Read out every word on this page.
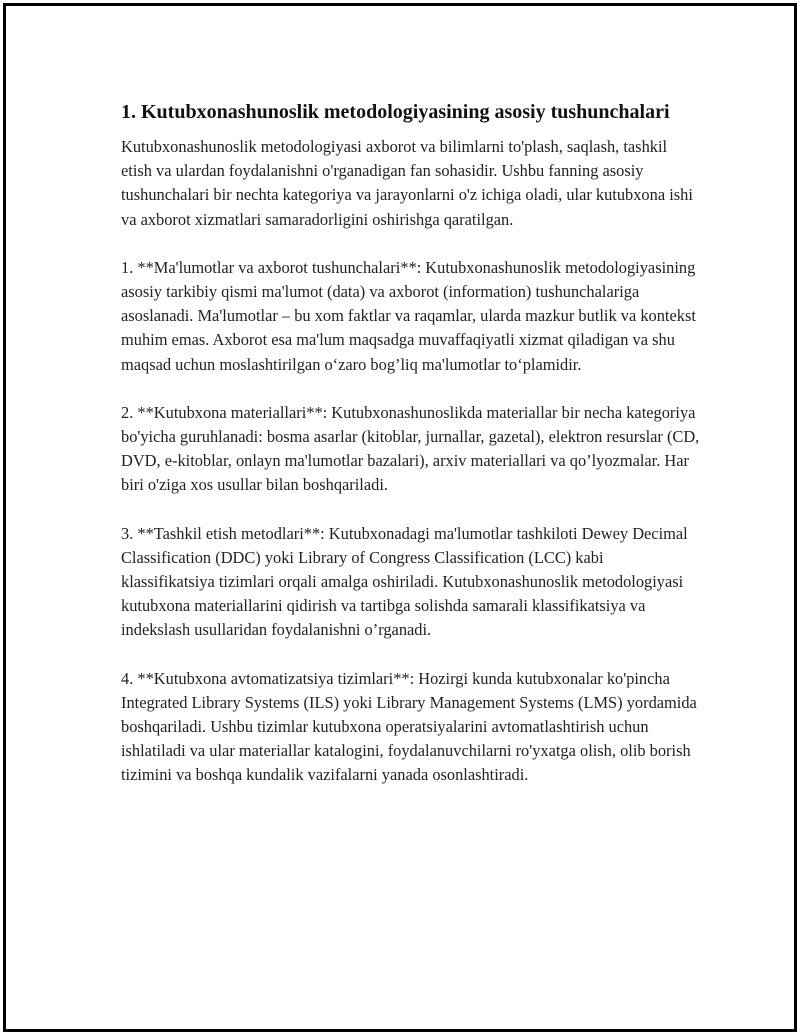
1. Kutubxonashunoslik metodologiyasining asosiy tushunchalari

Kutubxonashunoslik metodologiyasi axborot va bilimlarni to'plash, saqlash, tashkil etish va ulardan foydalanishni o'rganadigan fan sohasidir. Ushbu fanning asosiy tushunchalari bir nechta kategoriya va jarayonlarni o'z ichiga oladi, ular kutubxona ishi va axborot xizmatlari samaradorligini oshirishga qaratilgan.

1. **Ma'lumotlar va axborot tushunchalari**: Kutubxonashunoslik metodologiyasining asosiy tarkibiy qismi ma'lumot (data) va axborot (information) tushunchalariga asoslanadi. Ma'lumotlar – bu xom faktlar va raqamlar, ularda mazkur butlik va kontekst muhim emas. Axborot esa ma'lum maqsadga muvaffaqiyatli xizmat qiladigan va shu maqsad uchun moslashtirilgan o‘zaro bog’liq ma'lumotlar to‘plamidir.

2. **Kutubxona materiallari**: Kutubxonashunoslikda materiallar bir necha kategoriya bo'yicha guruhlanadi: bosma asarlar (kitoblar, jurnallar, gazetal), elektron resurslar (CD, DVD, e-kitoblar, onlayn ma'lumotlar bazalari), arxiv materiallari va qo’lyozmalar. Har biri o'ziga xos usullar bilan boshqariladi.

3. **Tashkil etish metodlari**: Kutubxonadagi ma'lumotlar tashkiloti Dewey Decimal Classification (DDC) yoki Library of Congress Classification (LCC) kabi klassifikatsiya tizimlari orqali amalga oshiriladi. Kutubxonashunoslik metodologiyasi kutubxona materiallarini qidirish va tartibga solishda samarali klassifikatsiya va indekslash usullaridan foydalanishni o’rganadi.

4. **Kutubxona avtomatizatsiya tizimlari**: Hozirgi kunda kutubxonalar ko'pincha Integrated Library Systems (ILS) yoki Library Management Systems (LMS) yordamida boshqariladi. Ushbu tizimlar kutubxona operatsiyalarini avtomatlashtirish uchun ishlatiladi va ular materiallar katalogini, foydalanuvchilarni ro'yxatga olish, olib borish tizimini va boshqa kundalik vazifalarni yanada osonlashtiradi.
